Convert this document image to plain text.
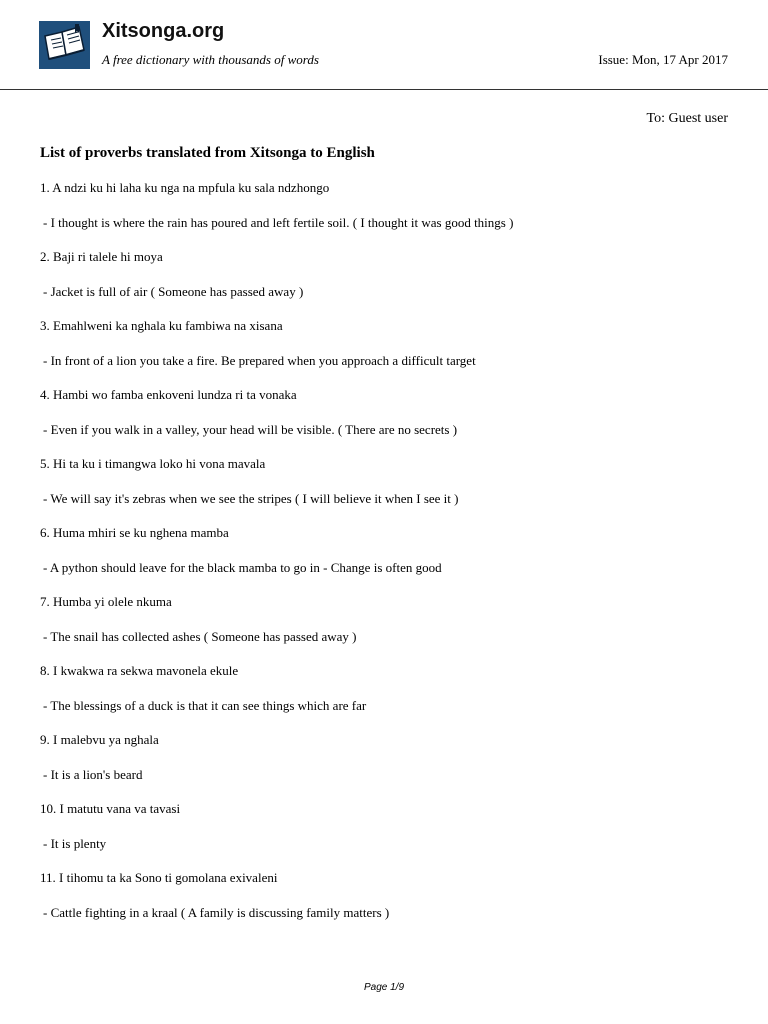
Xitsonga.org
A free dictionary with thousands of words	Issue: Mon, 17 Apr 2017
To: Guest user
List of proverbs translated from Xitsonga to English
1. A ndzi ku hi laha ku nga na mpfula ku sala ndzhongo
- I thought is where the rain has poured and left fertile soil. ( I thought it was good things )
2. Baji ri talele hi moya
- Jacket is full of air ( Someone has passed away )
3. Emahlweni ka nghala ku fambiwa na xisana
- In front of a lion you take a fire. Be prepared when you approach a difficult target
4. Hambi wo famba enkoveni lundza ri ta vonaka
- Even if you walk in a valley, your head will be visible. ( There are no secrets )
5. Hi ta ku i timangwa loko hi vona mavala
- We will say it's zebras when we see the stripes ( I will believe it when I see it )
6. Huma mhiri se ku nghena mamba
- A python should leave for the black mamba to go in - Change is often good
7. Humba yi olele nkuma
- The snail has collected ashes ( Someone has passed away )
8. I kwakwa ra sekwa mavonela ekule
- The blessings of a duck is that it can see things which are far
9. I malebvu ya nghala
- It is a lion's beard
10. I matutu vana va tavasi
- It is plenty
11. I tihomu ta ka Sono ti gomolana exivaleni
- Cattle fighting in a kraal ( A family is discussing family matters )
Page 1/9
